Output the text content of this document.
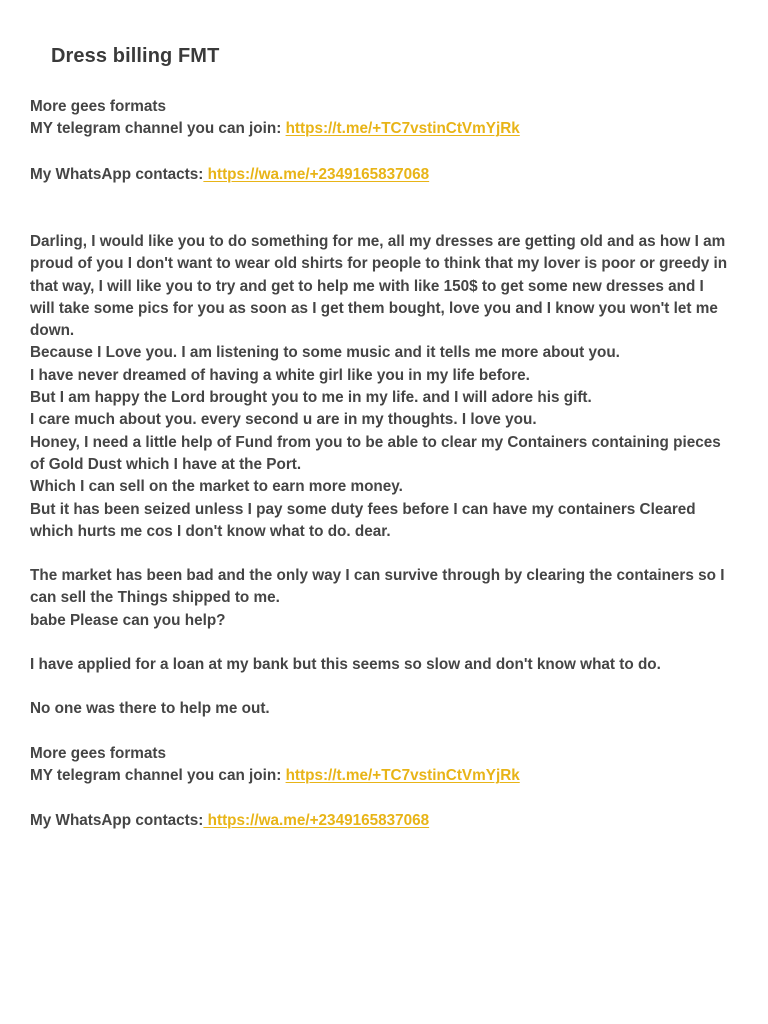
Dress billing FMT
More gees formats
MY telegram channel you can join: https://t.me/+TC7vstinCtVmYjRk
My WhatsApp contacts: https://wa.me/+2349165837068
Darling, I would like you to do something for me, all my dresses are getting old and as how I am proud of you I don't want to wear old shirts for people to think that my lover is poor or greedy in that way, I will like you to try and get to help me with like 150$ to get some new dresses and I will take some pics for you as soon as I get them bought, love you and I know you won't let me down.
Because I Love you. I am listening to some music and it tells me more about you.
I have never dreamed of having a white girl like you in my life before.
But I am happy the Lord brought you to me in my life. and I will adore his gift.
I care much about you. every second u are in my thoughts. I love you.
Honey, I need a little help of Fund from you to be able to clear my Containers containing pieces of Gold Dust which I have at the Port.
Which I can sell on the market to earn more money.
But it has been seized unless I pay some duty fees before I can have my containers Cleared which hurts me cos I don't know what to do. dear.
The market has been bad and the only way I can survive through by clearing the containers so I can sell the Things shipped to me.
babe Please can you help?
I have applied for a loan at my bank but this seems so slow and don't know what to do.
No one was there to help me out.
More gees formats
MY telegram channel you can join: https://t.me/+TC7vstinCtVmYjRk
My WhatsApp contacts: https://wa.me/+2349165837068
